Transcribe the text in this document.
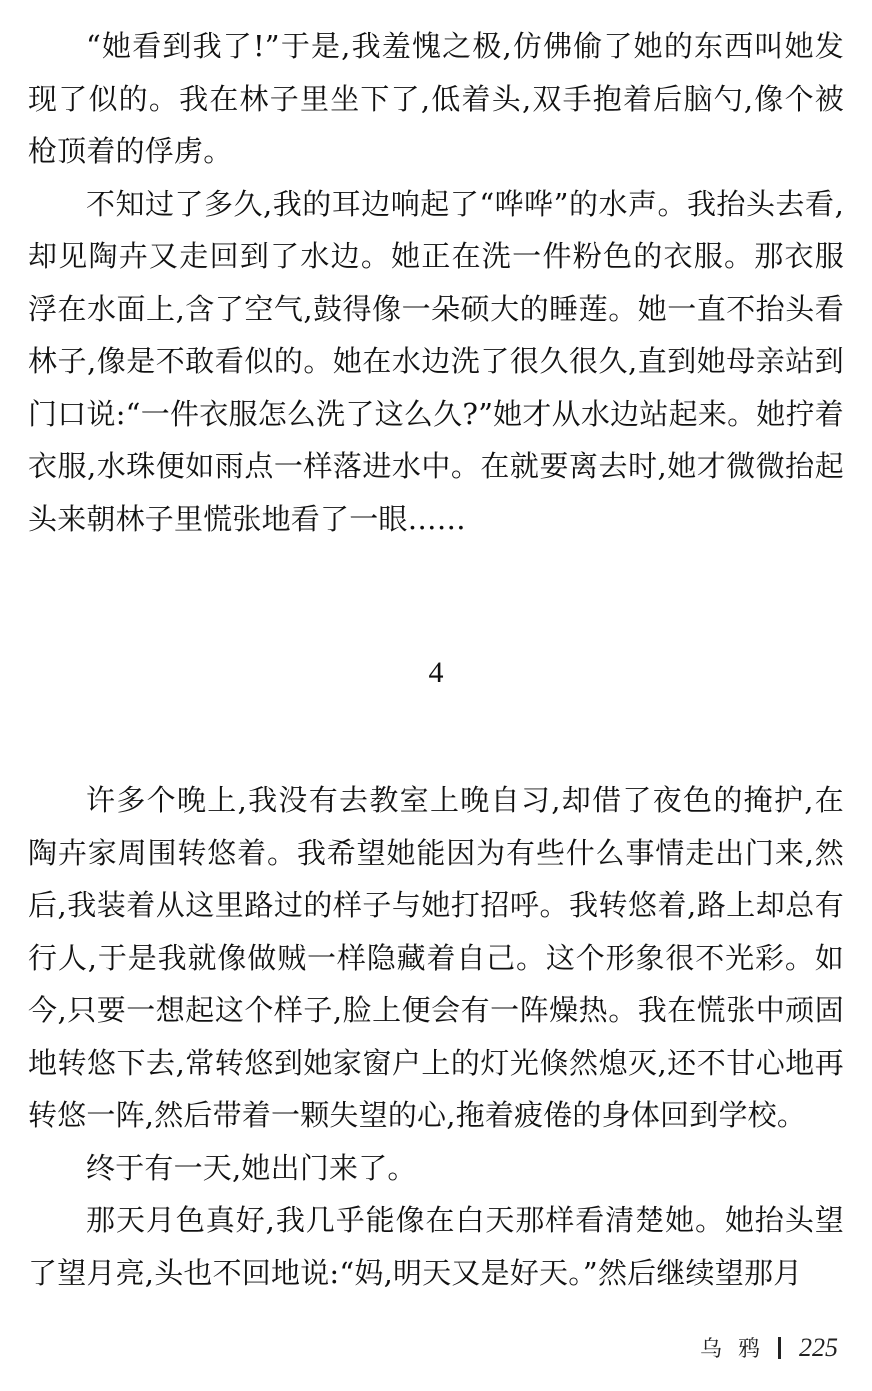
“她看到我了!”于是,我羞愧之极,仿佛偷了她的东西叫她发现了似的。我在林子里坐下了,低着头,双手抱着后脑勺,像个被枪顶着的俘虏。

不知过了多久,我的耳边响起了“哗哗”的水声。我抬头去看,却见陶卉又走回到了水边。她正在洗一件粉色的衣服。那衣服浮在水面上,含了空气,鼓得像一朵硕大的睡莲。她一直不抬头看林子,像是不敢看似的。她在水边洗了很久很久,直到她母亲站到门口说:“一件衣服怎么洗了这么久?”她才从水边站起来。她拧着衣服,水珠便如雨点一样落进水中。在就要离去时,她才微微抬起头来朝林子里慌张地看了一眼……

4

许多个晚上,我没有去教室上晚自习,却借了夜色的掩护,在陶卉家周围转悠着。我希望她能因为有些什么事情走出门来,然后,我装着从这里路过的样子与她打招呼。我转悠着,路上却总有行人,于是我就像做贼一样隐藏着自己。这个形象很不光彩。如今,只要一想起这个样子,脸上便会有一阵燥热。我在慌张中顽固地转悠下去,常转悠到她家窗户上的灯光倏然熄灭,还不甘心地再转悠一阵,然后带着一颗失望的心,拖着疲倦的身体回到学校。

终于有一天,她出门来了。

那天月色真好,我几乎能像在白天那样看清楚她。她抬头望了望月亮,头也不回地说:“妈,明天又是好天。”然后继续望那月

乌鸦 225
